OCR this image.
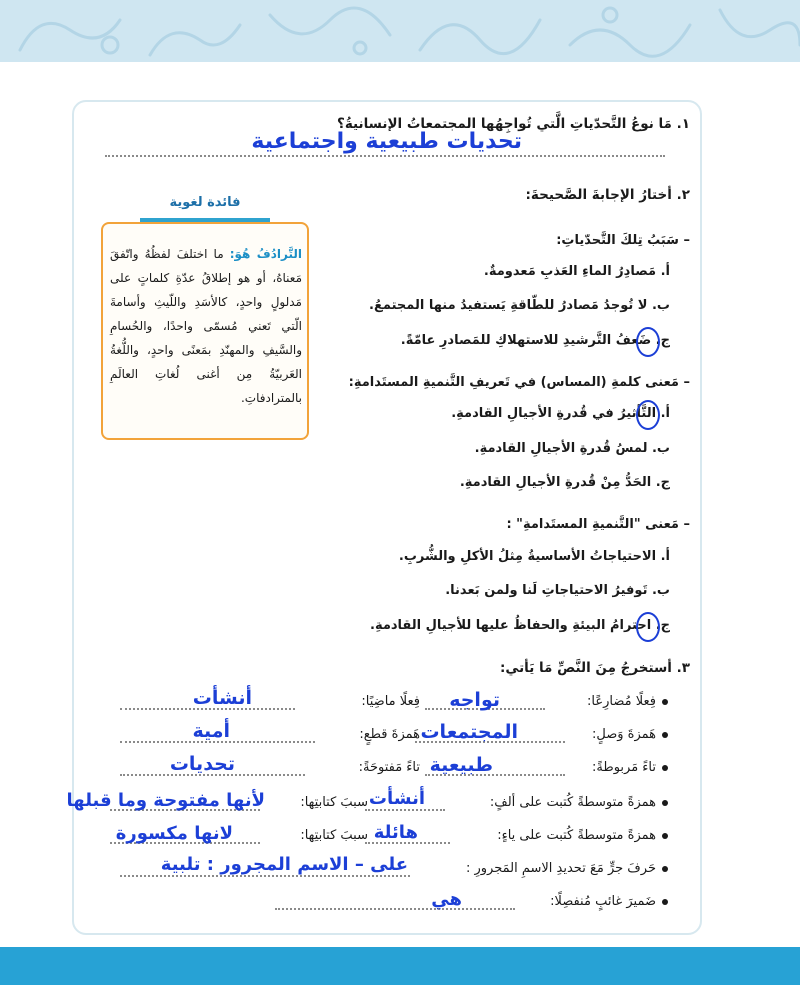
١. مَا نوعُ التَّحدّياتِ الَّتي تُواجِهُها المجتمعاتُ الإنسانيةُ؟
تحديات طبيعية واجتماعية
٢. أختارُ الإجابةَ الصَّحيحةَ:
– سَبَبُ تِلكَ التَّحدّياتِ:
أ. مَصادِرُ الماءِ العَذبِ مَعدومةٌ.
ب. لا تُوجدُ مَصادرُ للطّاقةِ يَستفيدُ منها المجتمعُ.
ج. ضَعفُ التَّرشيدِ للاستهلاكِ للمَصادرِ عامّةً.
– مَعنى كلمةِ (المساس) في تَعريفِ التَّنميةِ المستَدامةِ:
أ. التَّأثيرُ في قُدرةِ الأجيالِ القادمةِ.
ب. لمسُ قُدرةِ الأجيالِ القادمةِ.
ج. الحَدُّ مِنْ قُدرةِ الأجيالِ القادمةِ.
– مَعنى "التَّنميةِ المستَدامةِ" :
أ. الاحتياجاتُ الأساسيةُ مِثلُ الأكلِ والشُّربِ.
ب. تَوفيرُ الاحتياجاتِ لَنا ولمن بَعدنا.
ج. احترامُ البيئةِ والحفاظُ عليها للأجيالِ القادمةِ.
فائدة لغوية
التَّرادُفُ هُوَ: ما اختلفَ لفظُهُ واتّفقَ مَعناهُ، أو هو إطلاقُ عدّةِ كلماتٍ على مَدلولٍ واحدٍ، كالأسَدِ واللّيثِ وأسامةَ الّتي تَعني مُسمّى واحدًا، والحُسامِ والسَّيفِ والمهنّدِ بمَعنًى واحدٍ، واللُّغةُ العَربيّةُ مِن أغنى لُغاتِ العالَمِ بالمترادفاتِ.
٣. أستخرجُ مِنَ النَّصِّ مَا يَأتي:
فِعلًا مُضارِعًا:
تواجه
فِعلًا ماضِيًا:
أنشأت
هَمزةَ وَصلٍ:
المجتمعات
هَمزةَ قطعٍ:
أمية
تاءً مَربوطةً:
طبيعية
تاءً مَفتوحَةً:
تحديات
همزةً متوسطةً كُتبت على ألفٍ:
أنشأت
سببَ كتابتِها:
لأنها مفتوحة وما قبلها
همزةً متوسطةً كُتبت على ياءٍ:
هائلة
سببَ كتابتِها:
لانها مكسورة
حَرفَ جرٍّ مَعَ تحديدِ الاسمِ المَجرورِ :
على – الاسم المجرور : تلبية
ضَميرَ غائبٍ مُنفصِلًا:
هي
٢٠
